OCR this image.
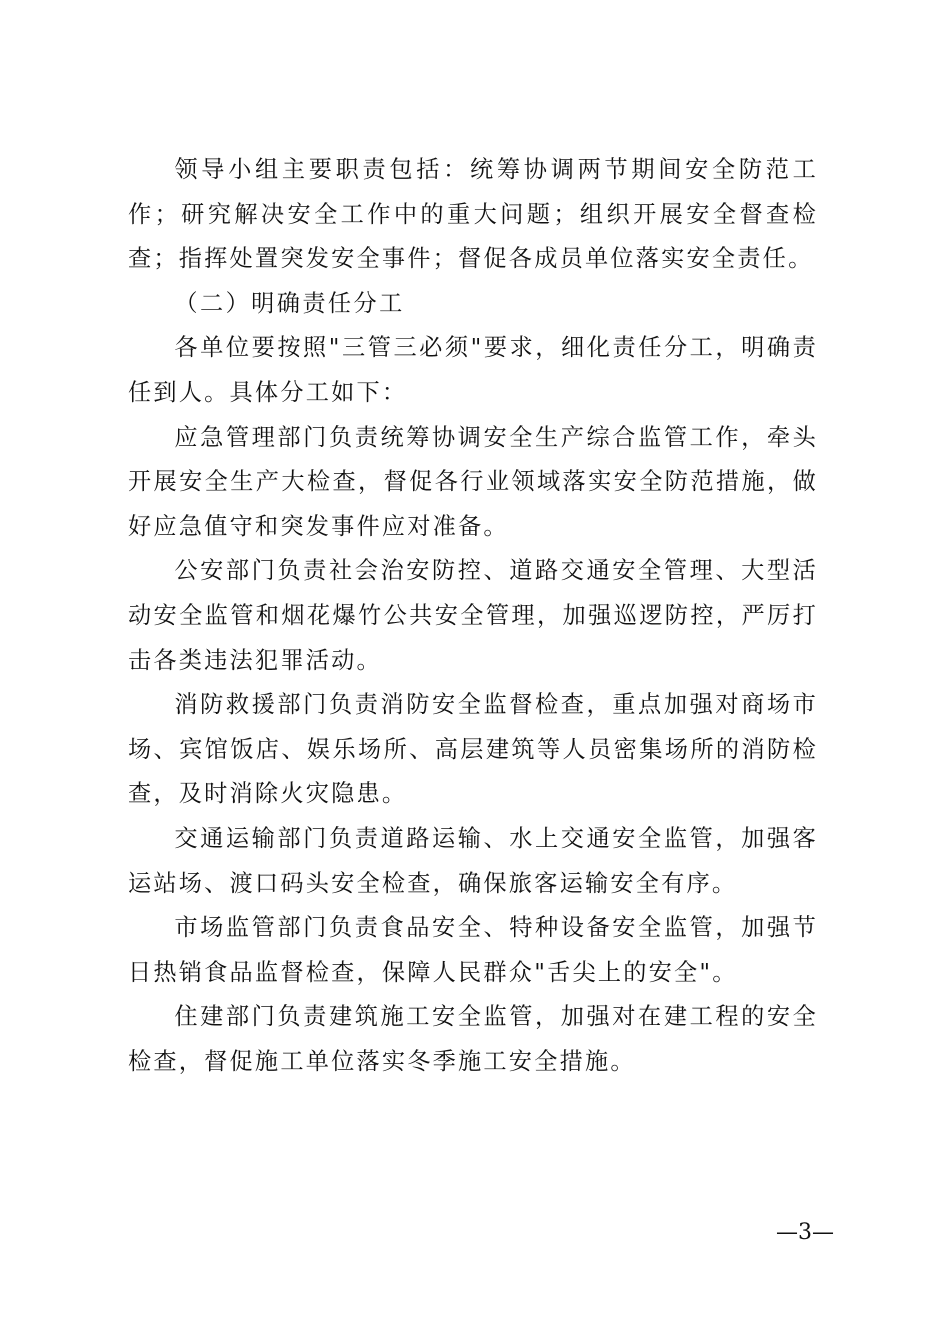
领导小组主要职责包括：统筹协调两节期间安全防范工作；研究解决安全工作中的重大问题；组织开展安全督查检查；指挥处置突发安全事件；督促各成员单位落实安全责任。

（二）明确责任分工

各单位要按照"三管三必须"要求，细化责任分工，明确责任到人。具体分工如下：

应急管理部门负责统筹协调安全生产综合监管工作，牵头开展安全生产大检查，督促各行业领域落实安全防范措施，做好应急值守和突发事件应对准备。

公安部门负责社会治安防控、道路交通安全管理、大型活动安全监管和烟花爆竹公共安全管理，加强巡逻防控，严厉打击各类违法犯罪活动。

消防救援部门负责消防安全监督检查，重点加强对商场市场、宾馆饭店、娱乐场所、高层建筑等人员密集场所的消防检查，及时消除火灾隐患。

交通运输部门负责道路运输、水上交通安全监管，加强客运站场、渡口码头安全检查，确保旅客运输安全有序。

市场监管部门负责食品安全、特种设备安全监管，加强节日热销食品监督检查，保障人民群众"舌尖上的安全"。

住建部门负责建筑施工安全监管，加强对在建工程的安全检查，督促施工单位落实冬季施工安全措施。

—3—
